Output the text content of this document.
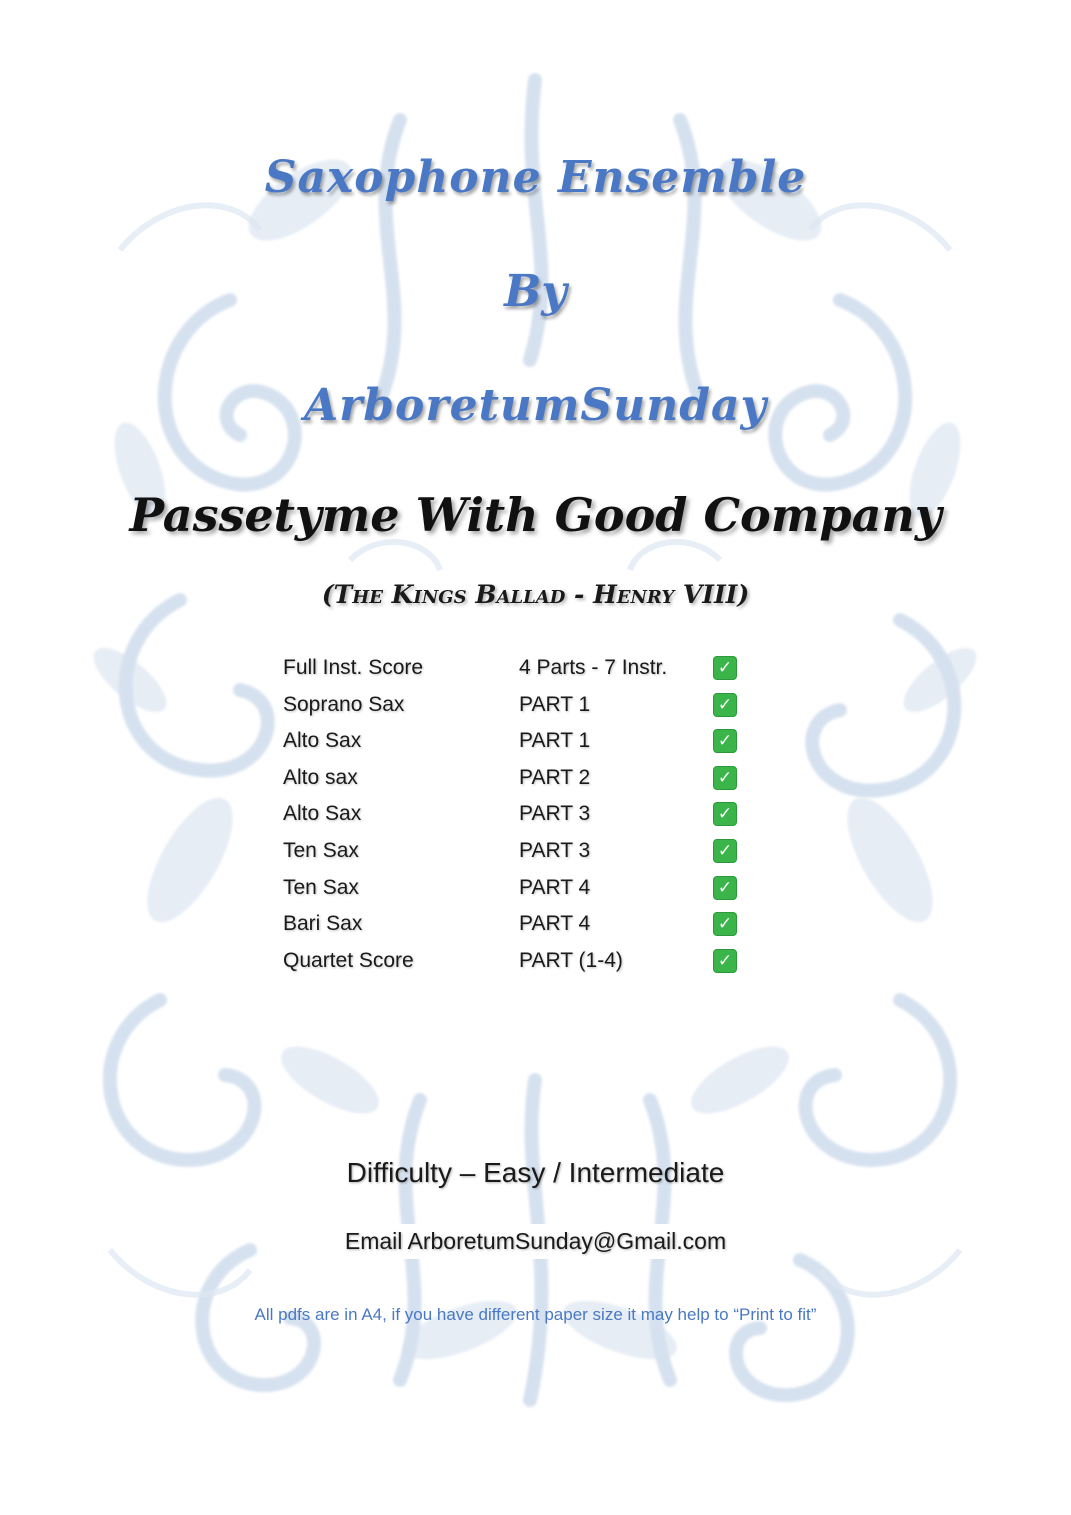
Saxophone Ensemble
By
ArboretumSunday
Passetyme With Good Company
(The Kings Ballad - Henry VIII)
Full Inst. Score	4 Parts - 7 Instr.	✓
Soprano Sax	PART 1	✓
Alto Sax	PART 1	✓
Alto sax	PART 2	✓
Alto Sax	PART 3	✓
Ten Sax	PART 3	✓
Ten Sax	PART 4	✓
Bari Sax	PART 4	✓
Quartet Score	PART (1-4)	✓
Difficulty – Easy / Intermediate
Email ArboretumSunday@Gmail.com
All pdfs are in A4, if you have different paper size it may help to “Print to fit”
